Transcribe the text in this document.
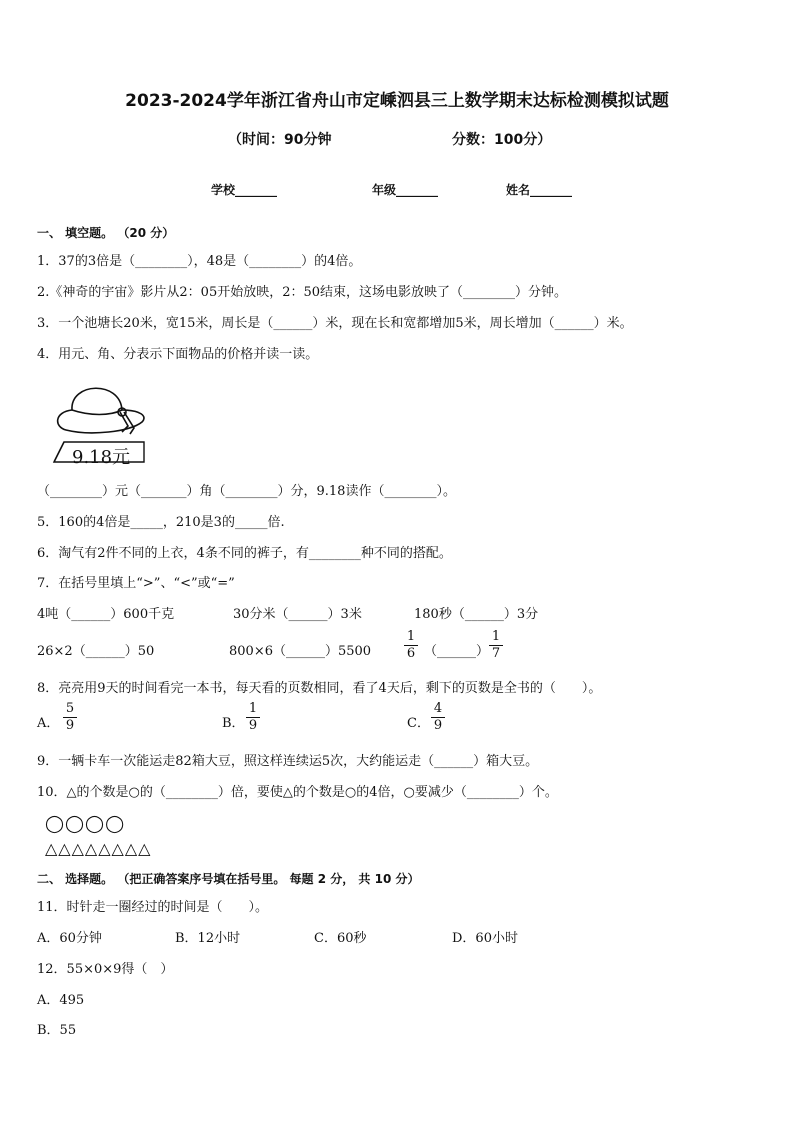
2023-2024学年浙江省舟山市定嵊泗县三上数学期末达标检测模拟试题
（时间：90分钟	分数：100分）
学校_______	年级_______	姓名_______
一、 填空题。 （20 分）
1．37的3倍是（________），48是（________）的4倍。
2.《神奇的宇宙》影片从2：05开始放映，2：50结束，这场电影放映了（________）分钟。
3．一个池塘长20米，宽15米，周长是（______）米，现在长和宽都增加5米，周长增加（______）米。
4．用元、角、分表示下面物品的价格并读一读。
9.18元
（________）元（_______）角（________）分，9.18读作（________）。
5．160的4倍是_____，210是3的_____倍.
6．淘气有2件不同的上衣，4条不同的裤子，有________种不同的搭配。
7．在括号里填上“>”、“<”或“=”
4吨（______）600千克	30分米（______）3米	180秒（______）3分
26×2（______）50	800×6（______）5500	$\frac{1}{6}$ （______） $\frac{1}{7}$
8．亮亮用9天的时间看完一本书，每天看的页数相同，看了4天后，剩下的页数是全书的（　　）。
A． $\frac{5}{9}$	B． $\frac{1}{9}$	C． $\frac{4}{9}$
9．一辆卡车一次能运走82箱大豆，照这样连续运5次，大约能运走（______）箱大豆。
10．△的个数是○的（________）倍，要使△的个数是○的4倍，○要减少（________）个。
◯◯◯◯
△△△△△△△△
二、 选择题。 （把正确答案序号填在括号里。 每题 2 分， 共 10 分）
11．时针走一圈经过的时间是（　　）。
A．60分钟	B．12小时	C．60秒	D．60小时
12．55×0×9得（　）
A．495
B．55
